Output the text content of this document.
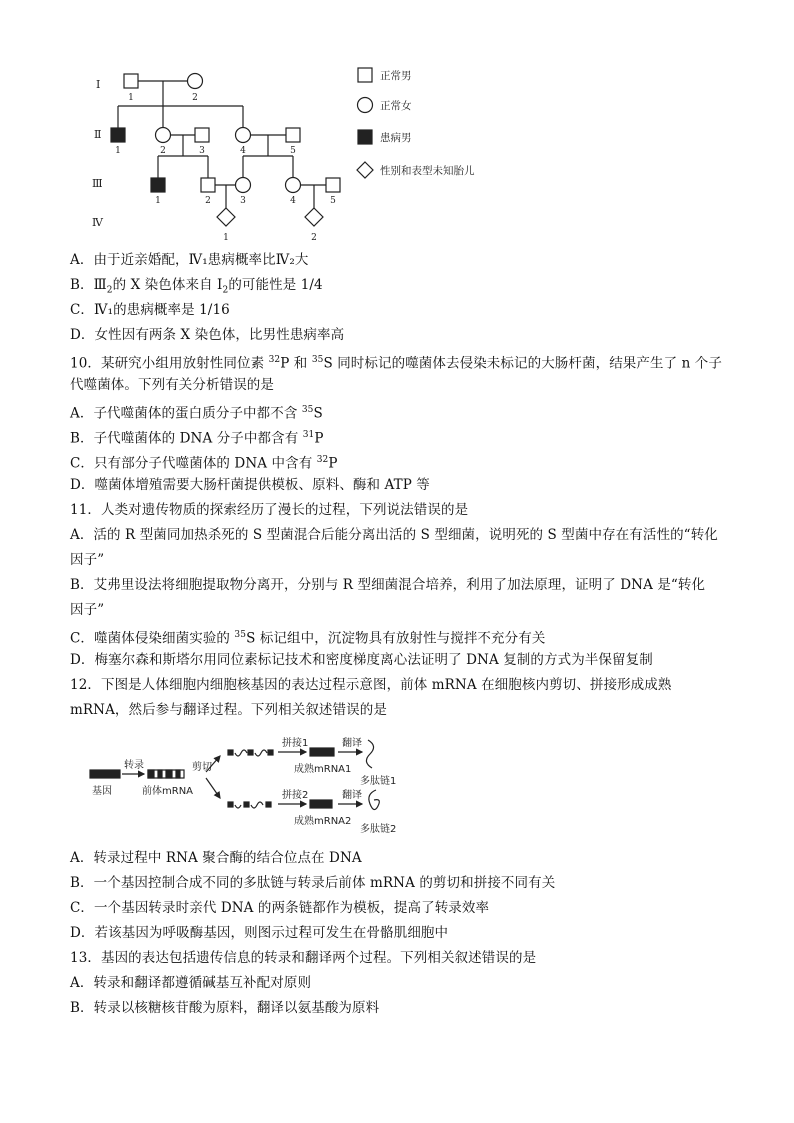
Ⅰ
Ⅱ
Ⅲ
Ⅳ
1	2
1	2	3	4	5
1	2	3	4	5
1	2
正常男
正常女
患病男
性别和表型未知胎儿
A．由于近亲婚配，Ⅳ₁患病概率比Ⅳ₂大
B．$Ⅲ_2$的 X 染色体来自 $I_2$的可能性是 1/4
C．Ⅳ₁的患病概率是 1/16
D．女性因有两条 X 染色体，比男性患病率高
10．某研究小组用放射性同位素 $^{32}$P 和 $^{35}$S 同时标记的噬菌体去侵染未标记的大肠杆菌，结果产生了 n 个子
代噬菌体。下列有关分析错误的是
A．子代噬菌体的蛋白质分子中都不含 $^{35}$S
B．子代噬菌体的 DNA 分子中都含有 $^{31}$P
C．只有部分子代噬菌体的 DNA 中含有 $^{32}$P
D．噬菌体增殖需要大肠杆菌提供模板、原料、酶和 ATP 等
11．人类对遗传物质的探索经历了漫长的过程，下列说法错误的是
A．活的 R 型菌同加热杀死的 S 型菌混合后能分离出活的 S 型细菌，说明死的 S 型菌中存在有活性的“转化
因子”
B．艾弗里设法将细胞提取物分离开，分别与 R 型细菌混合培养，利用了加法原理，证明了 DNA 是“转化
因子”
C．噬菌体侵染细菌实验的 $^{35}$S 标记组中，沉淀物具有放射性与搅拌不充分有关
D．梅塞尔森和斯塔尔用同位素标记技术和密度梯度离心法证明了 DNA 复制的方式为半保留复制
12．下图是人体细胞内细胞核基因的表达过程示意图，前体 mRNA 在细胞核内剪切、拼接形成成熟
mRNA，然后参与翻译过程。下列相关叙述错误的是
A．转录过程中 RNA 聚合酶的结合位点在 DNA
B．一个基因控制合成不同的多肽链与转录后前体 mRNA 的剪切和拼接不同有关
C．一个基因转录时亲代 DNA 的两条链都作为模板，提高了转录效率
D．若该基因为呼吸酶基因，则图示过程可发生在骨骼肌细胞中
13．基因的表达包括遗传信息的转录和翻译两个过程。下列相关叙述错误的是
A．转录和翻译都遵循碱基互补配对原则
B．转录以核糖核苷酸为原料，翻译以氨基酸为原料
转录
基因	前体mRNA
剪切
拼接1
成熟mRNA1
翻译
多肽链1
拼接2
成熟mRNA2
翻译
多肽链2
